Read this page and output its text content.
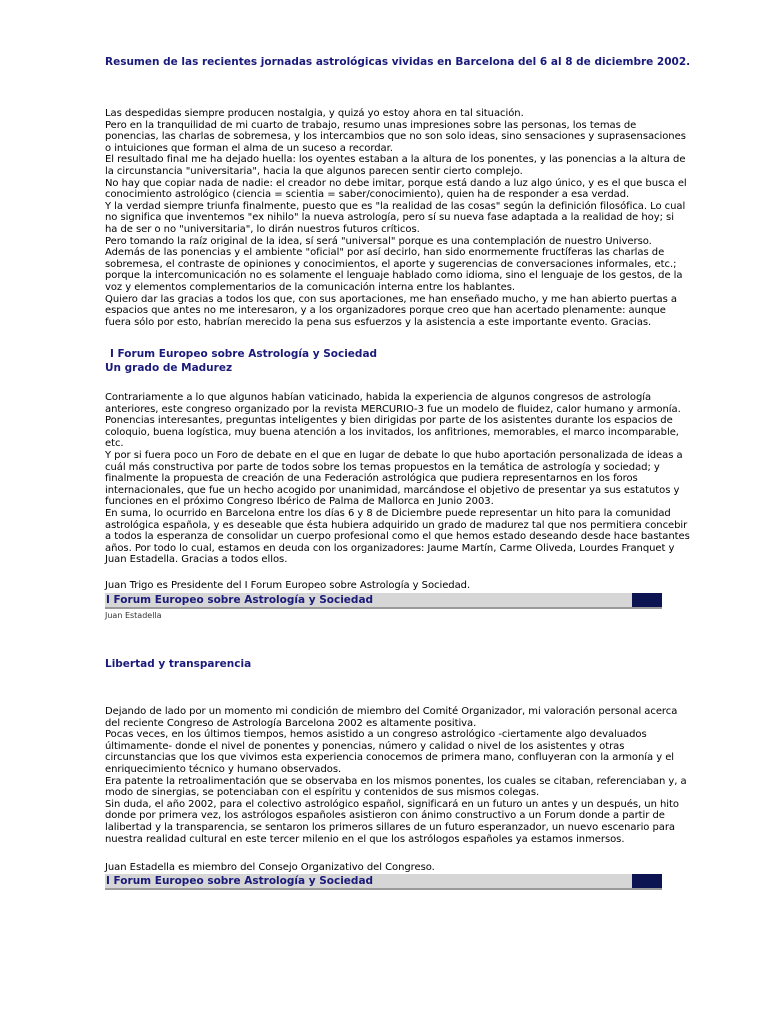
Resumen de las recientes jornadas astrológicas vividas en Barcelona del 6 al 8 de diciembre 2002.
Las despedidas siempre producen nostalgia, y quizá yo estoy ahora en tal situación.
Pero en la tranquilidad de mi cuarto de trabajo, resumo unas impresiones sobre las personas, los temas de
ponencias, las charlas de sobremesa, y los intercambios que no son solo ideas, sino sensaciones y suprasensaciones
o intuiciones que forman el alma de un suceso a recordar.
El resultado final me ha dejado huella: los oyentes estaban a la altura de los ponentes, y las ponencias a la altura de
la circunstancia "universitaria", hacia la que algunos parecen sentir cierto complejo.
No hay que copiar nada de nadie: el creador no debe imitar, porque está dando a luz algo único, y es el que busca el
conocimiento astrológico (ciencia = scientia = saber/conocimiento), quien ha de responder a esa verdad.
Y la verdad siempre triunfa finalmente, puesto que es "la realidad de las cosas" según la definición filosófica. Lo cual
no significa que inventemos "ex nihilo" la nueva astrología, pero sí su nueva fase adaptada a la realidad de hoy; si
ha de ser o no "universitaria", lo dirán nuestros futuros críticos.
Pero tomando la raíz original de la idea, sí será "universal" porque es una contemplación de nuestro Universo.
Además de las ponencias y el ambiente "oficial" por así decirlo, han sido enormemente fructíferas las charlas de
sobremesa, el contraste de opiniones y conocimientos, el aporte y sugerencias de conversaciones informales, etc.;
porque la intercomunicación no es solamente el lenguaje hablado como idioma, sino el lenguaje de los gestos, de la
voz y elementos complementarios de la comunicación interna entre los hablantes.
Quiero dar las gracias a todos los que, con sus aportaciones, me han enseñado mucho, y me han abierto puertas a
espacios que antes no me interesaron, y a los organizadores porque creo que han acertado plenamente: aunque
fuera sólo por esto, habrían merecido la pena sus esfuerzos y la asistencia a este importante evento. Gracias.
I Forum Europeo sobre Astrología y Sociedad
Un grado de Madurez
Contrariamente a lo que algunos habían vaticinado, habida la experiencia de algunos congresos de astrología
anteriores, este congreso organizado por la revista MERCURIO-3 fue un modelo de fluidez, calor humano y armonía.
Ponencias interesantes, preguntas inteligentes y bien dirigidas por parte de los asistentes durante los espacios de
coloquio, buena logística, muy buena atención a los invitados, los anfitriones, memorables, el marco incomparable,
etc.
Y por si fuera poco un Foro de debate en el que en lugar de debate lo que hubo aportación personalizada de ideas a
cuál más constructiva por parte de todos sobre los temas propuestos en la temática de astrología y sociedad; y
finalmente la propuesta de creación de una Federación astrológica que pudiera representarnos en los foros
internacionales, que fue un hecho acogido por unanimidad, marcándose el objetivo de presentar ya sus estatutos y
funciones en el próximo Congreso Ibérico de Palma de Mallorca en Junio 2003.
En suma, lo ocurrido en Barcelona entre los días 6 y 8 de Diciembre puede representar un hito para la comunidad
astrológica española, y es deseable que ésta hubiera adquirido un grado de madurez tal que nos permitiera concebir
a todos la esperanza de consolidar un cuerpo profesional como el que hemos estado deseando desde hace bastantes
años. Por todo lo cual, estamos en deuda con los organizadores: Jaume Martín, Carme Oliveda, Lourdes Franquet y
Juan Estadella. Gracias a todos ellos.
Juan Trigo es Presidente del I Forum Europeo sobre Astrología y Sociedad.
I Forum Europeo sobre Astrología y Sociedad
Juan Estadella
Libertad y transparencia
Dejando de lado por un momento mi condición de miembro del Comité Organizador, mi valoración personal acerca
del reciente Congreso de Astrología Barcelona 2002 es altamente positiva.
Pocas veces, en los últimos tiempos, hemos asistido a un congreso astrológico -ciertamente algo devaluados
últimamente- donde el nivel de ponentes y ponencias, número y calidad o nivel de los asistentes y otras
circunstancias que los que vivimos esta experiencia conocemos de primera mano, confluyeran con la armonía y el
enriquecimiento técnico y humano observados.
Era patente la retroalimentación que se observaba en los mismos ponentes, los cuales se citaban, referenciaban y, a
modo de sinergias, se potenciaban con el espíritu y contenidos de sus mismos colegas.
Sin duda, el año 2002, para el colectivo astrológico español, significará en un futuro un antes y un después, un hito
donde por primera vez, los astrólogos españoles asistieron con ánimo constructivo a un Forum donde a partir de
lalibertad y la transparencia, se sentaron los primeros sillares de un futuro esperanzador, un nuevo escenario para
nuestra realidad cultural en este tercer milenio en el que los astrólogos españoles ya estamos inmersos.
Juan Estadella es miembro del Consejo Organizativo del Congreso.
I Forum Europeo sobre Astrología y Sociedad
